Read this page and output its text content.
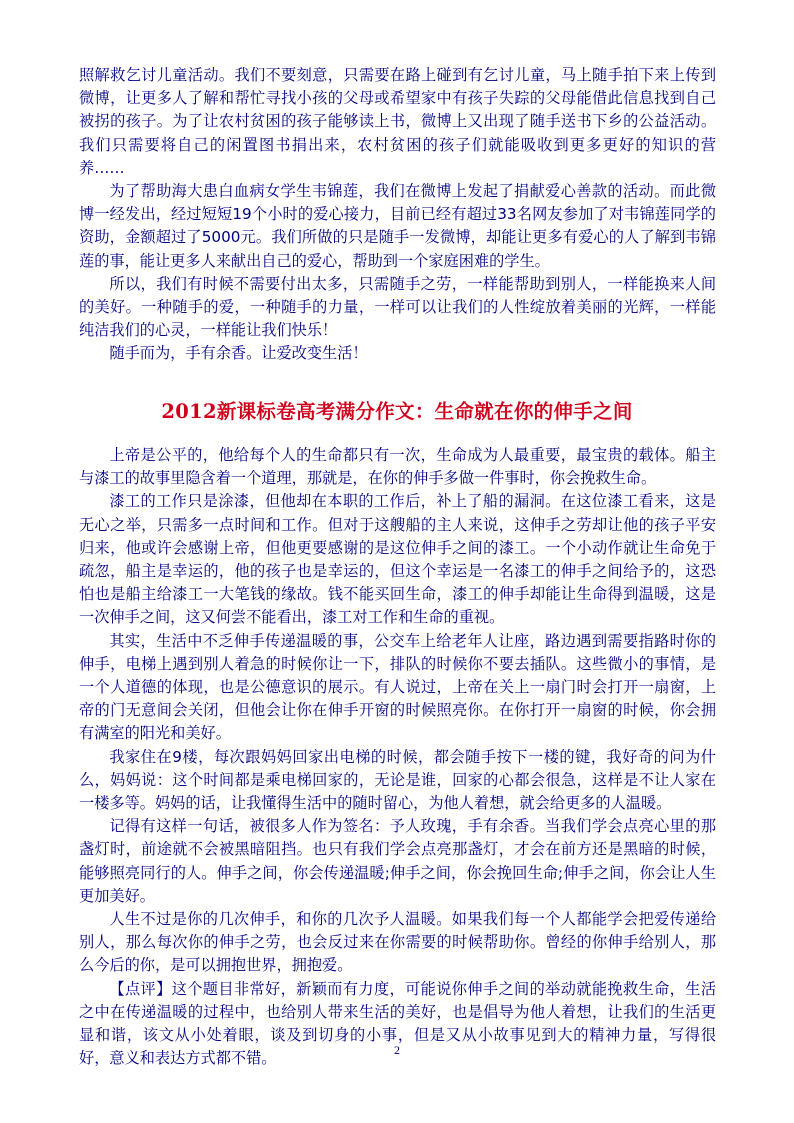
照解救乞讨儿童活动。我们不要刻意，只需要在路上碰到有乞讨儿童，马上随手拍下来上传到微博，让更多人了解和帮忙寻找小孩的父母或希望家中有孩子失踪的父母能借此信息找到自己被拐的孩子。为了让农村贫困的孩子能够读上书，微博上又出现了随手送书下乡的公益活动。我们只需要将自己的闲置图书捐出来，农村贫困的孩子们就能吸收到更多更好的知识的营养……

为了帮助海大患白血病女学生韦锦莲，我们在微博上发起了捐献爱心善款的活动。而此微博一经发出，经过短短19个小时的爱心接力，目前已经有超过33名网友参加了对韦锦莲同学的资助，金额超过了5000元。我们所做的只是随手一发微博，却能让更多有爱心的人了解到韦锦莲的事，能让更多人来献出自己的爱心，帮助到一个家庭困难的学生。

所以，我们有时候不需要付出太多，只需随手之劳，一样能帮助到别人，一样能换来人间的美好。一种随手的爱，一种随手的力量，一样可以让我们的人性绽放着美丽的光辉，一样能纯洁我们的心灵，一样能让我们快乐！

随手而为，手有余香。让爱改变生活！

2012新课标卷高考满分作文：生命就在你的伸手之间

上帝是公平的，他给每个人的生命都只有一次，生命成为人最重要，最宝贵的载体。船主与漆工的故事里隐含着一个道理，那就是，在你的伸手多做一件事时，你会挽救生命。

漆工的工作只是涂漆，但他却在本职的工作后，补上了船的漏洞。在这位漆工看来，这是无心之举，只需多一点时间和工作。但对于这艘船的主人来说，这伸手之劳却让他的孩子平安归来，他或许会感谢上帝，但他更要感谢的是这位伸手之间的漆工。一个小动作就让生命免于疏忽，船主是幸运的，他的孩子也是幸运的，但这个幸运是一名漆工的伸手之间给予的，这恐怕也是船主给漆工一大笔钱的缘故。钱不能买回生命，漆工的伸手却能让生命得到温暖，这是一次伸手之间，这又何尝不能看出，漆工对工作和生命的重视。

其实，生活中不乏伸手传递温暖的事，公交车上给老年人让座，路边遇到需要指路时你的伸手，电梯上遇到别人着急的时候你让一下，排队的时候你不要去插队。这些微小的事情，是一个人道德的体现，也是公德意识的展示。有人说过，上帝在关上一扇门时会打开一扇窗，上帝的门无意间会关闭，但他会让你在伸手开窗的时候照亮你。在你打开一扇窗的时候，你会拥有满室的阳光和美好。

我家住在9楼，每次跟妈妈回家出电梯的时候，都会随手按下一楼的键，我好奇的问为什么，妈妈说：这个时间都是乘电梯回家的，无论是谁，回家的心都会很急，这样是不让人家在一楼多等。妈妈的话，让我懂得生活中的随时留心，为他人着想，就会给更多的人温暖。

记得有这样一句话，被很多人作为签名：予人玫瑰，手有余香。当我们学会点亮心里的那盏灯时，前途就不会被黑暗阻挡。也只有我们学会点亮那盏灯，才会在前方还是黑暗的时候，能够照亮同行的人。伸手之间，你会传递温暖;伸手之间，你会挽回生命;伸手之间，你会让人生更加美好。

人生不过是你的几次伸手，和你的几次予人温暖。如果我们每一个人都能学会把爱传递给别人，那么每次你的伸手之劳，也会反过来在你需要的时候帮助你。曾经的你伸手给别人，那么今后的你，是可以拥抱世界，拥抱爱。

【点评】这个题目非常好，新颖而有力度，可能说你伸手之间的举动就能挽救生命，生活之中在传递温暖的过程中，也给别人带来生活的美好，也是倡导为他人着想，让我们的生活更显和谐，该文从小处着眼，谈及到切身的小事，但是又从小故事见到大的精神力量，写得很好，意义和表达方式都不错。	2
